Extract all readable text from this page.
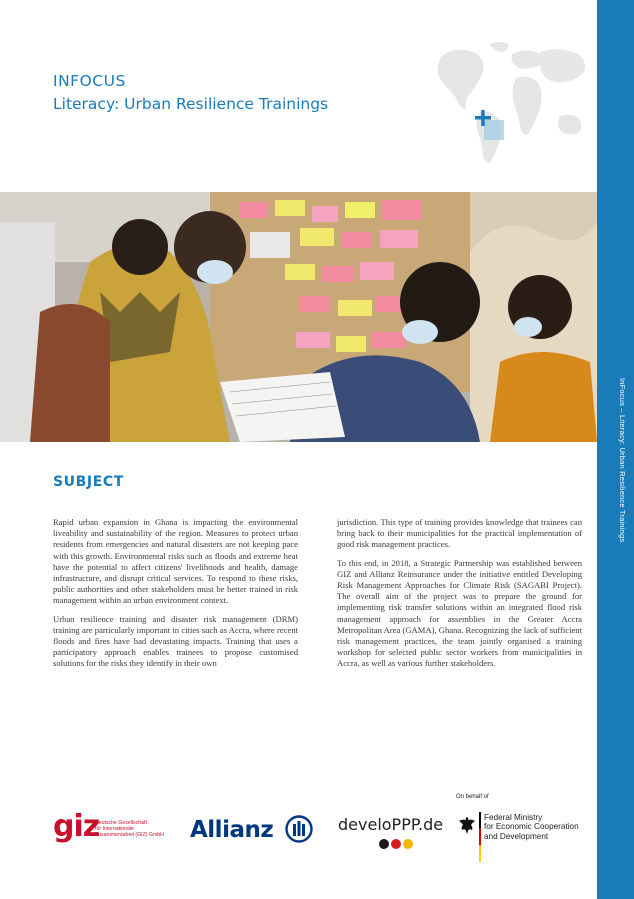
InFocus – Literacy: Urban Resilience Trainings
INFOCUS
Literacy: Urban Resilience Trainings
SUBJECT

Rapid urban expansion in Ghana is impacting the environmental liveability and sustainability of the region. Measures to protect urban residents from emergencies and natural disasters are not keeping pace with this growth. Environmental risks such as floods and extreme heat have the potential to affect citizens' livelihoods and health, damage infrastructure, and disrupt critical services. To respond to these risks, public authorities and other stakeholders must be better trained in risk management within an urban environment context.

Urban resilience training and disaster risk management (DRM) training are particularly important in cities such as Accra, where recent floods and fires have had devastating impacts. Training that uses a participatory approach enables trainees to propose customised solutions for the risks they identify in their own

jurisdiction. This type of training provides knowledge that trainees can bring back to their municipalities for the practical implementation of good risk management practices.

To this end, in 2018, a Strategic Partnership was established between GIZ and Allianz Reinsurance under the initiative entitled Developing Risk Management Approaches for Climate Risk (SAGABI Project). The overall aim of the project was to prepare the ground for implementing risk transfer solutions within an integrated flood risk management approach for assemblies in the Greater Accra Metropolitan Area (GAMA), Ghana. Recognizing the lack of sufficient risk management practices, the team jointly organised a training workshop for selected public sector workers from municipalities in Accra, as well as various further stakeholders.

On behalf of
giz
Deutsche Gesellschaft
für Internationale
Zusammenarbeit (GIZ) GmbH	Allianz	develoPPP.de	Federal Ministry
for Economic Cooperation
and Development
